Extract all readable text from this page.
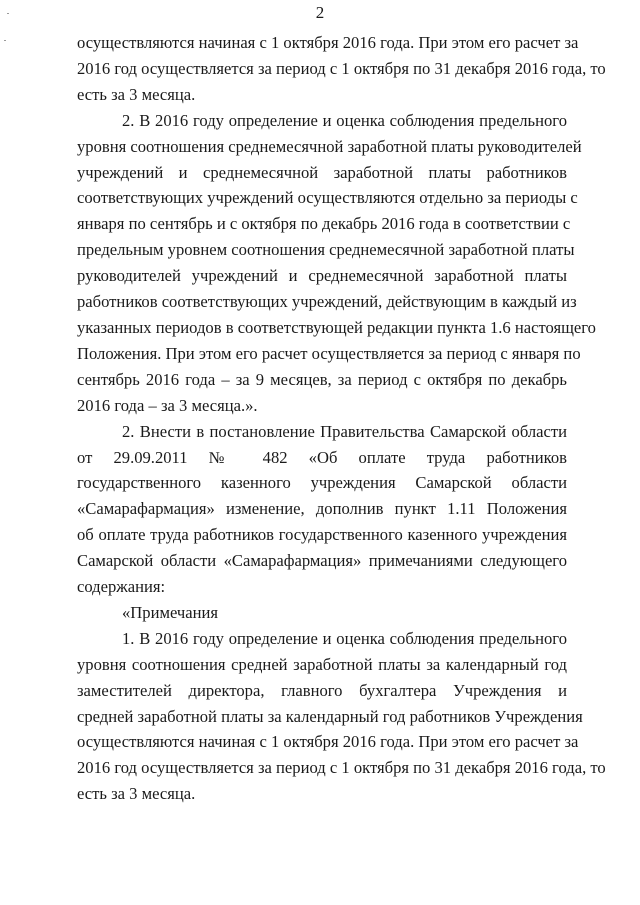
2
осуществляются начиная с 1 октября 2016 года. При этом его расчет за
2016 год осуществляется за период с 1 октября по 31 декабря 2016 года, то
есть за 3 месяца.
2. В 2016 году определение и оценка соблюдения предельного
уровня соотношения среднемесячной заработной платы руководителей
учреждений и среднемесячной заработной платы работников
соответствующих учреждений осуществляются отдельно за периоды с
января по сентябрь и с октября по декабрь 2016 года в соответствии с
предельным уровнем соотношения среднемесячной заработной платы
руководителей учреждений и среднемесячной заработной платы
работников соответствующих учреждений, действующим в каждый из
указанных периодов в соответствующей редакции пункта 1.6 настоящего
Положения. При этом его расчет осуществляется за период с января по
сентябрь 2016 года – за 9 месяцев, за период с октября по декабрь
2016 года – за 3 месяца.».
2. Внести в постановление Правительства Самарской области
от 29.09.2011 № 482 «Об оплате труда работников
государственного казенного учреждения Самарской области
«Самарафармация» изменение, дополнив пункт 1.11 Положения
об оплате труда работников государственного казенного учреждения
Самарской области «Самарафармация» примечаниями следующего
содержания:
«Примечания
1. В 2016 году определение и оценка соблюдения предельного
уровня соотношения средней заработной платы за календарный год
заместителей директора, главного бухгалтера Учреждения и
средней заработной платы за календарный год работников Учреждения
осуществляются начиная с 1 октября 2016 года. При этом его расчет за
2016 год осуществляется за период с 1 октября по 31 декабря 2016 года, то
есть за 3 месяца.
